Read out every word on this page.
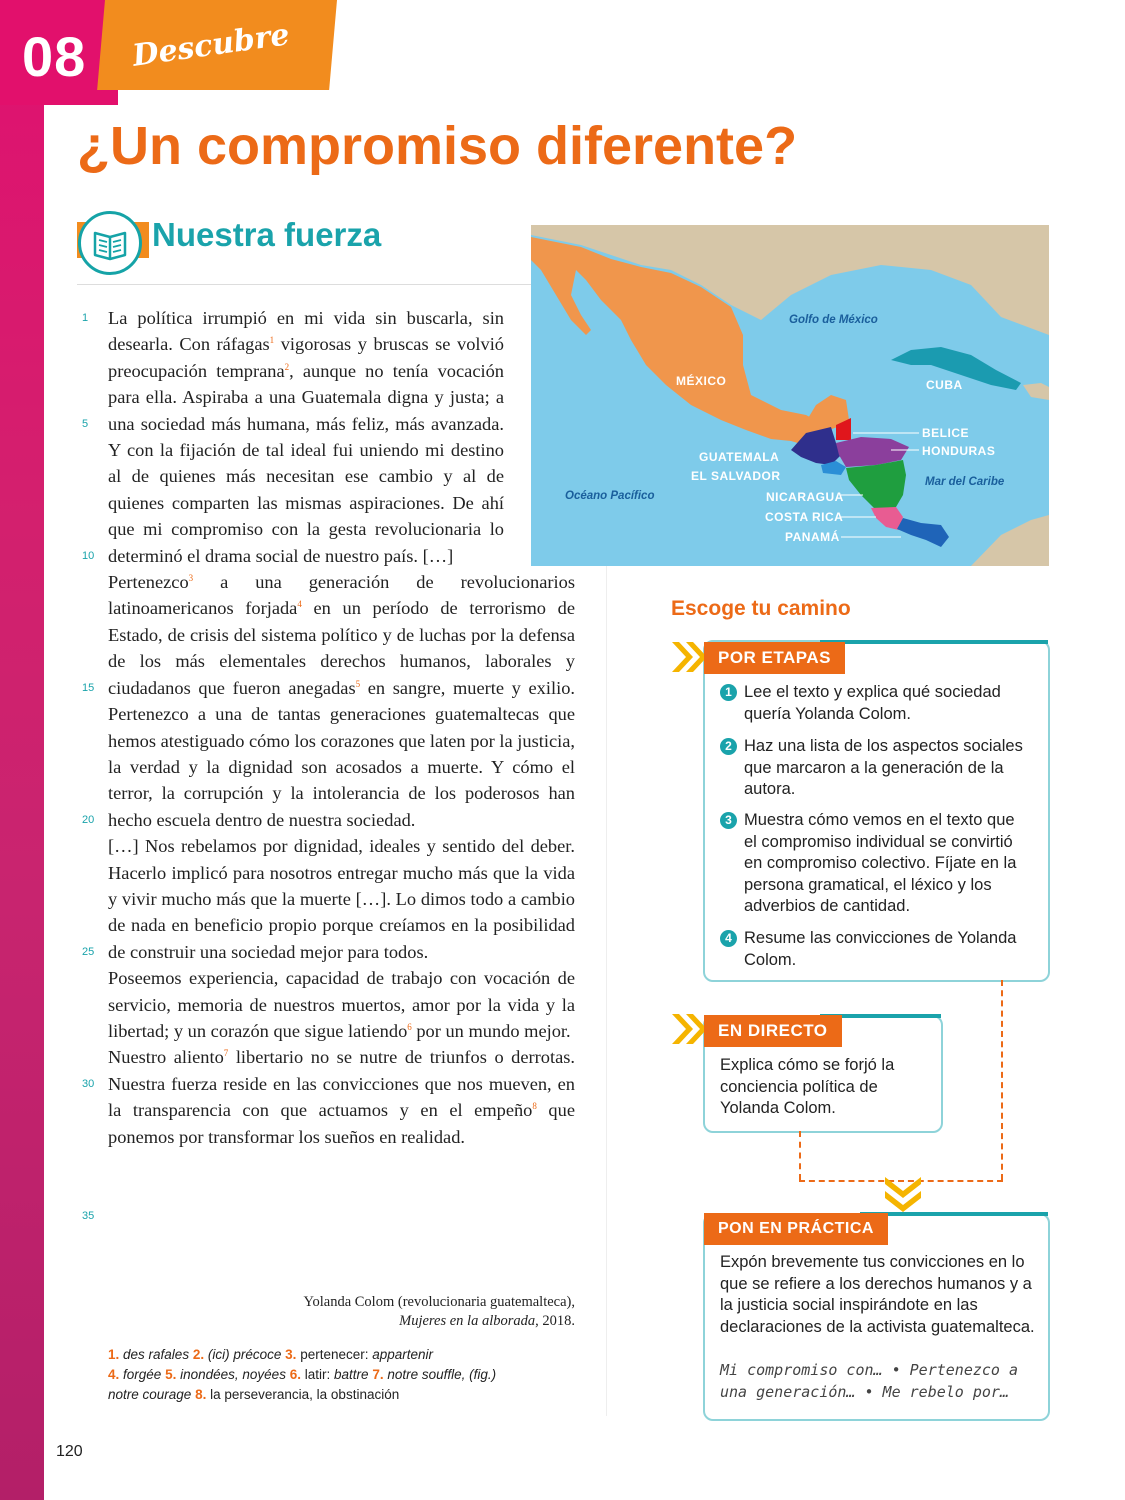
08 Descubre
¿Un compromiso diferente?
Nuestra fuerza
1
5
10
15
20
25
30
35

La política irrumpió en mi vida sin buscarla, sin desearla. Con ráfagas$^1$ vigorosas y bruscas se volvió preocupación temprana$^2$, aunque no tenía vocación para ella. Aspiraba a una Guatemala digna y justa; a una sociedad más humana, más feliz, más avanzada. Y con la fijación de tal ideal fui uniendo mi destino al de quienes más necesitan ese cambio y al de quienes comparten las mismas aspiraciones. De ahí que mi compromiso con la gesta revolucionaria lo determinó el drama social de nuestro país. […]

Pertenezco$^3$ a una generación de revolucionarios latinoamericanos forjada$^4$ en un período de terrorismo de Estado, de crisis del sistema político y de luchas por la defensa de los más elementales derechos humanos, laborales y ciudadanos que fueron anegadas$^5$ en sangre, muerte y exilio. Pertenezco a una de tantas generaciones guatemaltecas que hemos atestiguado cómo los corazones que laten por la justicia, la verdad y la dignidad son acosados a muerte. Y cómo el terror, la corrupción y la intolerancia de los poderosos han hecho escuela dentro de nuestra sociedad.

[…] Nos rebelamos por dignidad, ideales y sentido del deber. Hacerlo implicó para nosotros entregar mucho más que la vida y vivir mucho más que la muerte […]. Lo dimos todo a cambio de nada en beneficio propio porque creíamos en la posibilidad de construir una sociedad mejor para todos.

Poseemos experiencia, capacidad de trabajo con vocación de servicio, memoria de nuestros muertos, amor por la vida y la libertad; y un corazón que sigue latiendo$^6$ por un mundo mejor.

Nuestro aliento$^7$ libertario no se nutre de triunfos o derrotas. Nuestra fuerza reside en las convicciones que nos mueven, en la transparencia con que actuamos y en el empeño$^8$ que ponemos por transformar los sueños en realidad.

Yolanda Colom (revolucionaria guatemalteca),
Mujeres en la alborada, 2018.
1. des rafales 2. (ici) précoce 3. pertenecer: appartenir
4. forgée 5. inondées, noyées 6. latir: battre 7. notre souffle, (fig.) notre courage 8. la perseverancia, la obstinación
120
MÉXICO	CUBA
BELICE
HONDURAS
GUATEMALA
EL SALVADOR
NICARAGUA
COSTA RICA
PANAMÁ
Golfo de México
Océano Pacífico
Mar del Caribe
Escoge tu camino
POR ETAPAS
1 Lee el texto y explica qué sociedad quería Yolanda Colom.
2 Haz una lista de los aspectos sociales que marcaron a la generación de la autora.
3 Muestra cómo vemos en el texto que el compromiso individual se convirtió en compromiso colectivo. Fíjate en la persona gramatical, el léxico y los adverbios de cantidad.
4 Resume las convicciones de Yolanda Colom.
EN DIRECTO
Explica cómo se forjó la conciencia política de Yolanda Colom.
PON EN PRÁCTICA
Expón brevemente tus convicciones en lo que se refiere a los derechos humanos y a la justicia social inspirándote en las declaraciones de la activista guatemalteca.
Mi compromiso con… • Pertenezco a una generación… • Me rebelo por…
